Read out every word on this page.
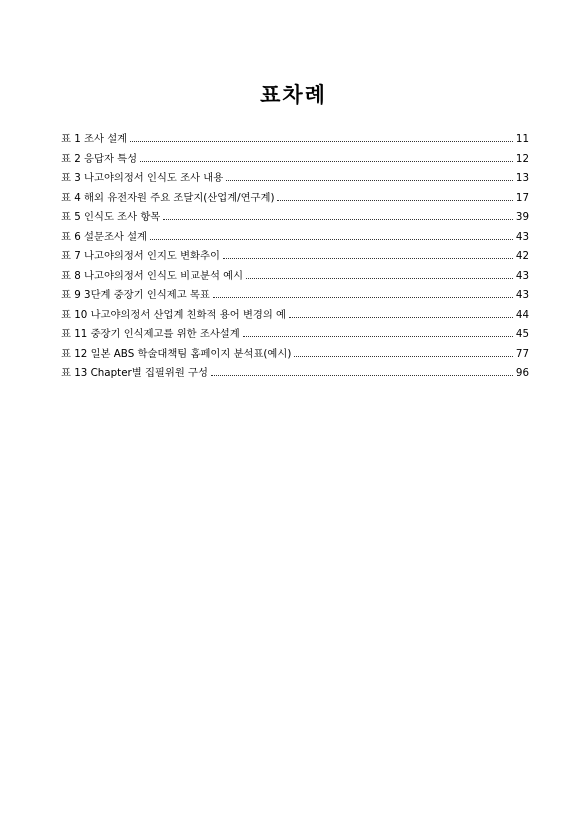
표차례
표 1 조사 설계	11
표 2 응답자 특성	12
표 3 나고야의정서 인식도 조사 내용	13
표 4 해외 유전자원 주요 조달지(산업계/연구계)	17
표 5 인식도 조사 항목	39
표 6 설문조사 설계	43
표 7 나고야의정서 인지도 변화추이	42
표 8 나고야의정서 인식도 비교분석 예시	43
표 9 3단계 중장기 인식제고 목표	43
표 10 나고야의정서 산업계 친화적 용어 변경의 예	44
표 11 중장기 인식제고를 위한 조사설계	45
표 12 일본 ABS 학술대책팀 홈페이지 분석표(예시)	77
표 13 Chapter별 집필위원 구성	96
